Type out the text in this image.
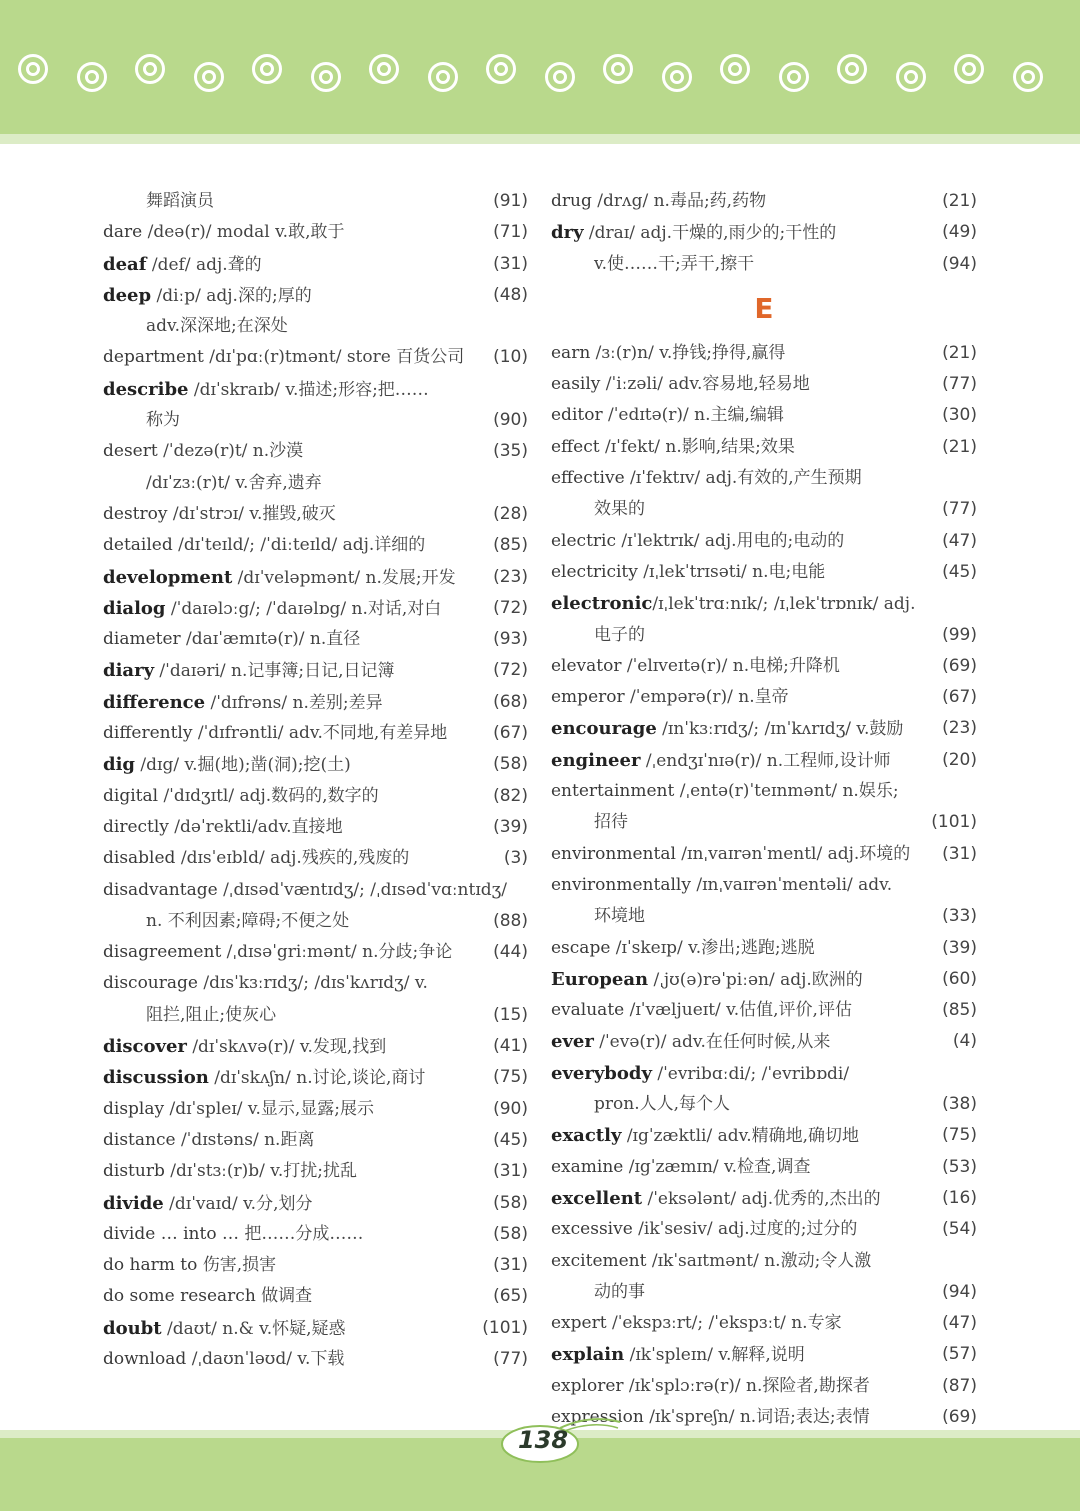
舞蹈演员	(91)
dare /deə(r)/ modal v.敢,敢于	(71)
deaf /def/ adj.聋的	(31)
deep /diːp/ adj.深的;厚的	(48)
adv.深深地;在深处
department /dɪˈpɑː(r)tmənt/ store 百货公司 (10)
describe /dɪˈskraɪb/ v.描述;形容;把……
称为	(90)
desert /ˈdezə(r)t/ n.沙漠	(35)
/dɪˈzɜː(r)t/ v.舍弃,遗弃
destroy /dɪˈstrɔɪ/ v.摧毁,破灭	(28)
detailed /dɪˈteɪld/; /ˈdiːteɪld/ adj.详细的	(85)
development /dɪˈveləpmənt/ n.发展;开发 (23)
dialog /ˈdaɪəlɔːg/; /ˈdaɪəlɒg/ n.对话,对白	(72)
diameter /daɪˈæmɪtə(r)/ n.直径	(93)
diary /ˈdaɪəri/ n.记事簿;日记,日记簿	(72)
difference /ˈdɪfrəns/ n.差别;差异	(68)
differently /ˈdɪfrəntli/ adv.不同地,有差异地	(67)
dig /dɪg/ v.掘(地);凿(洞);挖(土)	(58)
digital /ˈdɪdʒɪtl/ adj.数码的,数字的	(82)
directly /dəˈrektli/adv.直接地	(39)
disabled /dɪsˈeɪbld/ adj.残疾的,残废的	(3)
disadvantage /ˌdɪsədˈvæntɪdʒ/; /ˌdɪsədˈvɑːntɪdʒ/
n. 不利因素;障碍;不便之处	(88)
disagreement /ˌdɪsəˈgriːmənt/ n.分歧;争论 (44)
discourage /dɪsˈkɜːrɪdʒ/; /dɪsˈkʌrɪdʒ/ v.
阻拦,阻止;使灰心	(15)
discover /dɪˈskʌvə(r)/ v.发现,找到	(41)
discussion /dɪˈskʌʃn/ n.讨论,谈论,商讨	(75)
display /dɪˈspleɪ/ v.显示,显露;展示	(90)
distance /ˈdɪstəns/ n.距离	(45)
disturb /dɪˈstɜː(r)b/ v.打扰;扰乱	(31)
divide /dɪˈvaɪd/ v.分,划分	(58)
divide … into … 把……分成……	(58)
do harm to 伤害,损害	(31)
do some research 做调查	(65)
doubt /daʊt/ n.& v.怀疑,疑惑	(101)
download /ˌdaʊnˈləʊd/ v.下载	(77)
drug /drʌg/ n.毒品;药,药物	(21)
dry /draɪ/ adj.干燥的,雨少的;干性的	(49)
v.使……干;弄干,擦干	(94)
E
earn /ɜː(r)n/ v.挣钱;挣得,赢得	(21)
easily /ˈiːzəli/ adv.容易地,轻易地	(77)
editor /ˈedɪtə(r)/ n.主编,编辑	(30)
effect /ɪˈfekt/ n.影响,结果;效果	(21)
effective /ɪˈfektɪv/ adj.有效的,产生预期
效果的	(77)
electric /ɪˈlektrɪk/ adj.用电的;电动的	(47)
electricity /ɪˌlekˈtrɪsəti/ n.电;电能	(45)
electronic/ɪˌlekˈtrɑːnɪk/; /ɪˌlekˈtrɒnɪk/ adj.
电子的	(99)
elevator /ˈelɪveɪtə(r)/ n.电梯;升降机	(69)
emperor /ˈempərə(r)/ n.皇帝	(67)
encourage /ɪnˈkɜːrɪdʒ/; /ɪnˈkʌrɪdʒ/ v.鼓励 (23)
engineer /ˌendʒɪˈnɪə(r)/ n.工程师,设计师	(20)
entertainment /ˌentə(r)ˈteɪnmənt/ n.娱乐;
招待	(101)
environmental /ɪnˌvaɪrənˈmentl/ adj.环境的 (31)
environmentally /ɪnˌvaɪrənˈmentəli/ adv.
环境地	(33)
escape /ɪˈskeɪp/ v.渗出;逃跑;逃脱	(39)
European /ˌjʊ(ə)rəˈpiːən/ adj.欧洲的	(60)
evaluate /ɪˈvæljueɪt/ v.估值,评价,评估	(85)
ever /ˈevə(r)/ adv.在任何时候,从来	(4)
everybody /ˈevribɑːdi/; /ˈevribɒdi/
pron.人人,每个人	(38)
exactly /ɪgˈzæktli/ adv.精确地,确切地	(75)
examine /ɪgˈzæmɪn/ v.检查,调查	(53)
excellent /ˈeksələnt/ adj.优秀的,杰出的	(16)
excessive /ikˈsesiv/ adj.过度的;过分的	(54)
excitement /ɪkˈsaɪtmənt/ n.激动;令人激
动的事	(94)
expert /ˈekspɜːrt/; /ˈekspɜːt/ n.专家	(47)
explain /ɪkˈspleɪn/ v.解释,说明	(57)
explorer /ɪkˈsplɔːrə(r)/ n.探险者,勘探者	(87)
expression /ɪkˈspreʃn/ n.词语;表达;表情	(69)
138
